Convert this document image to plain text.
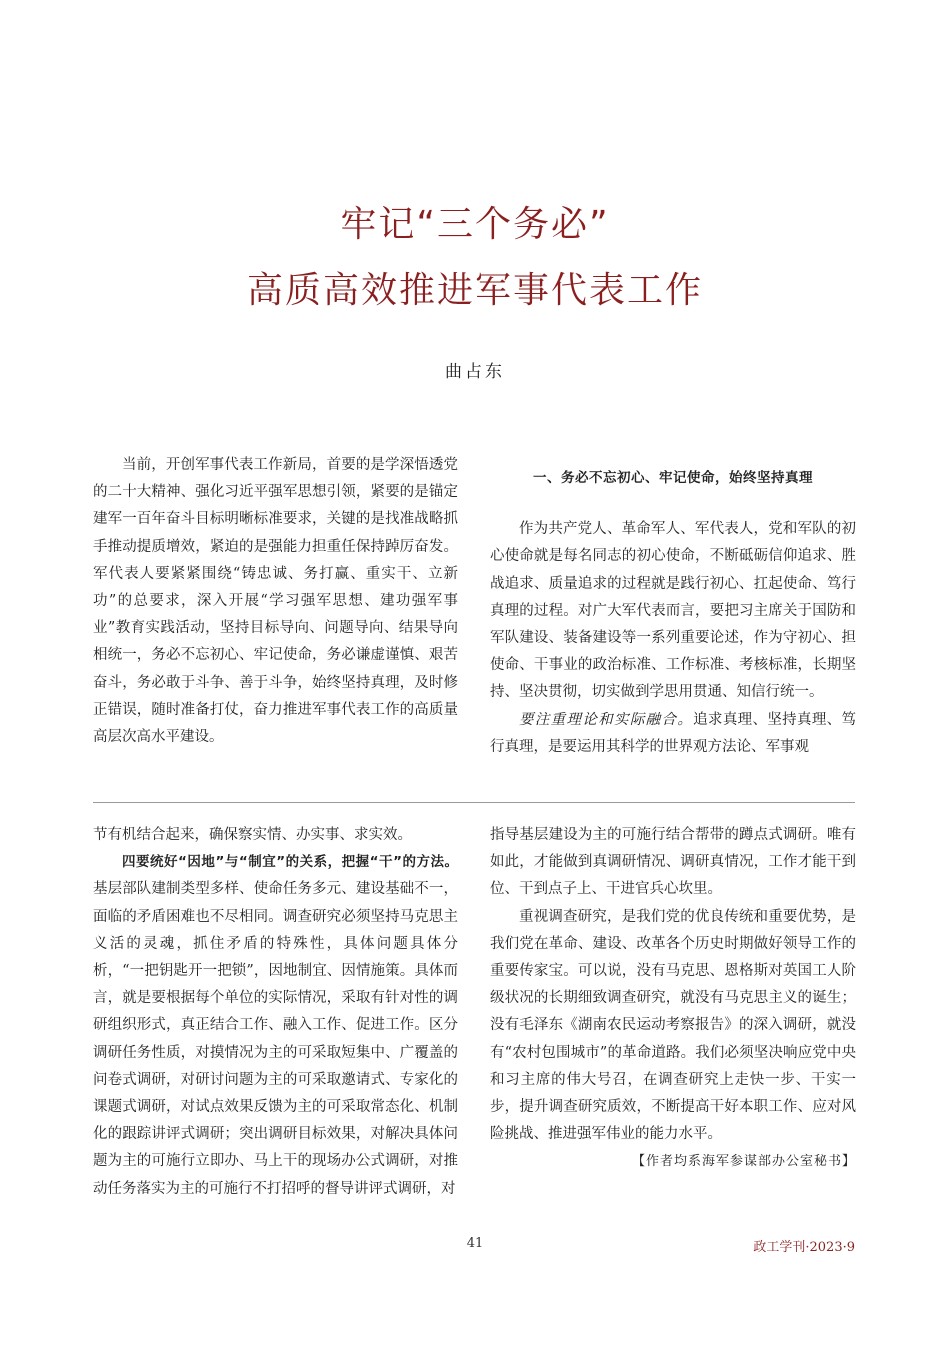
牢记“三个务必”
高质高效推进军事代表工作
曲占东

当前，开创军事代表工作新局，首要的是学深悟透党的二十大精神、强化习近平强军思想引领，紧要的是锚定建军一百年奋斗目标明晰标准要求，关键的是找准战略抓手推动提质增效，紧迫的是强能力担重任保持踔厉奋发。军代表人要紧紧围绕“铸忠诚、务打赢、重实干、立新功”的总要求，深入开展“学习强军思想、建功强军事业”教育实践活动，坚持目标导向、问题导向、结果导向相统一，务必不忘初心、牢记使命，务必谦虚谨慎、艰苦奋斗，务必敢于斗争、善于斗争，始终坚持真理，及时修正错误，随时准备打仗，奋力推进军事代表工作的高质量高层次高水平建设。

一、务必不忘初心、牢记使命，始终坚持真理

作为共产党人、革命军人、军代表人，党和军队的初心使命就是每名同志的初心使命，不断砥砺信仰追求、胜战追求、质量追求的过程就是践行初心、扛起使命、笃行真理的过程。对广大军代表而言，要把习主席关于国防和军队建设、装备建设等一系列重要论述，作为守初心、担使命、干事业的政治标准、工作标准、考核标准，长期坚持、坚决贯彻，切实做到学思用贯通、知信行统一。

要注重理论和实际融合。追求真理、坚持真理、笃行真理，是要运用其科学的世界观方法论、军事观

节有机结合起来，确保察实情、办实事、求实效。

四要统好“因地”与“制宜”的关系，把握“干”的方法。基层部队建制类型多样、使命任务多元、建设基础不一，面临的矛盾困难也不尽相同。调查研究必须坚持马克思主义活的灵魂，抓住矛盾的特殊性，具体问题具体分析，“一把钥匙开一把锁”，因地制宜、因情施策。具体而言，就是要根据每个单位的实际情况，采取有针对性的调研组织形式，真正结合工作、融入工作、促进工作。区分调研任务性质，对摸情况为主的可采取短集中、广覆盖的问卷式调研，对研讨问题为主的可采取邀请式、专家化的课题式调研，对试点效果反馈为主的可采取常态化、机制化的跟踪讲评式调研；突出调研目标效果，对解决具体问题为主的可施行立即办、马上干的现场办公式调研，对推动任务落实为主的可施行不打招呼的督导讲评式调研，对

指导基层建设为主的可施行结合帮带的蹲点式调研。唯有如此，才能做到真调研情况、调研真情况，工作才能干到位、干到点子上、干进官兵心坎里。

重视调查研究，是我们党的优良传统和重要优势，是我们党在革命、建设、改革各个历史时期做好领导工作的重要传家宝。可以说，没有马克思、恩格斯对英国工人阶级状况的长期细致调查研究，就没有马克思主义的诞生；没有毛泽东《湖南农民运动考察报告》的深入调研，就没有“农村包围城市”的革命道路。我们必须坚决响应党中央和习主席的伟大号召，在调查研究上走快一步、干实一步，提升调查研究质效，不断提高干好本职工作、应对风险挑战、推进强军伟业的能力水平。

【作者均系海军参谋部办公室秘书】

41	政工学刊·2023·9
